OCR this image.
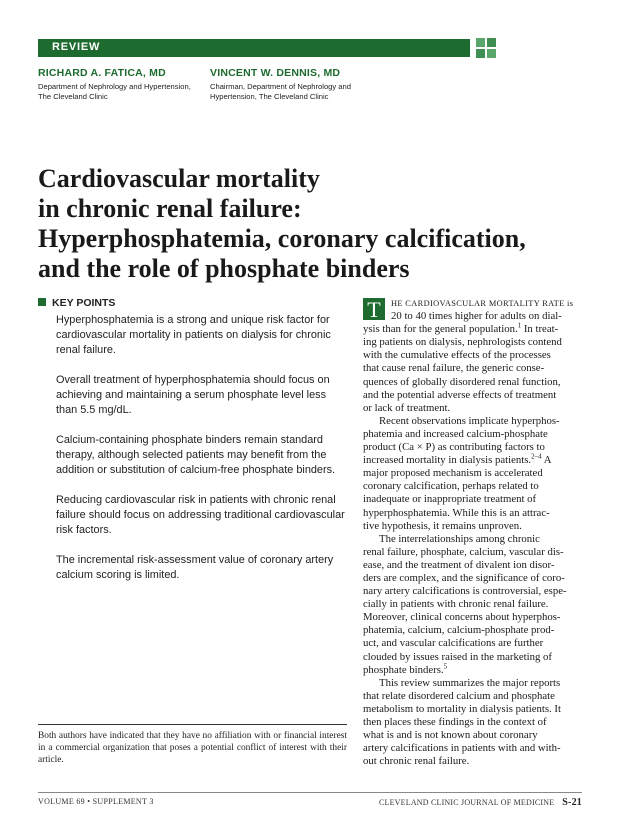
REVIEW
RICHARD A. FATICA, MD
Department of Nephrology and Hypertension,
The Cleveland Clinic
VINCENT W. DENNIS, MD
Chairman, Department of Nephrology and
Hypertension, The Cleveland Clinic
Cardiovascular mortality
in chronic renal failure:
Hyperphosphatemia, coronary calcification,
and the role of phosphate binders
KEY POINTS
Hyperphosphatemia is a strong and unique risk factor for
cardiovascular mortality in patients on dialysis for chronic
renal failure.
Overall treatment of hyperphosphatemia should focus on
achieving and maintaining a serum phosphate level less
than 5.5 mg/dL.
Calcium-containing phosphate binders remain standard
therapy, although selected patients may benefit from the
addition or substitution of calcium-free phosphate binders.
Reducing cardiovascular risk in patients with chronic renal
failure should focus on addressing traditional cardiovascular
risk factors.
The incremental risk-assessment value of coronary artery
calcium scoring is limited.
Both authors have indicated that they have no affiliation with or financial interest in a commercial organization that poses a potential conflict of interest with their article.
T	HE CARDIOVASCULAR MORTALITY RATE is
20 to 40 times higher for adults on dial-
ysis than for the general population.$^1$ In treat-
ing patients on dialysis, nephrologists contend
with the cumulative effects of the processes
that cause renal failure, the generic conse-
quences of globally disordered renal function,
and the potential adverse effects of treatment
or lack of treatment.
Recent observations implicate hyperphos-
phatemia and increased calcium-phosphate
product (Ca × P) as contributing factors to
increased mortality in dialysis patients.$^{2-4}$ A
major proposed mechanism is accelerated
coronary calcification, perhaps related to
inadequate or inappropriate treatment of
hyperphosphatemia. While this is an attrac-
tive hypothesis, it remains unproven.
The interrelationships among chronic
renal failure, phosphate, calcium, vascular dis-
ease, and the treatment of divalent ion disor-
ders are complex, and the significance of coro-
nary artery calcifications is controversial, espe-
cially in patients with chronic renal failure.
Moreover, clinical concerns about hyperphos-
phatemia, calcium, calcium-phosphate prod-
uct, and vascular calcifications are further
clouded by issues raised in the marketing of
phosphate binders.$^5$
This review summarizes the major reports
that relate disordered calcium and phosphate
metabolism to mortality in dialysis patients. It
then places these findings in the context of
what is and is not known about coronary
artery calcifications in patients with and with-
out chronic renal failure.
VOLUME 69 • SUPPLEMENT 3	CLEVELAND CLINIC JOURNAL OF MEDICINE S-21
